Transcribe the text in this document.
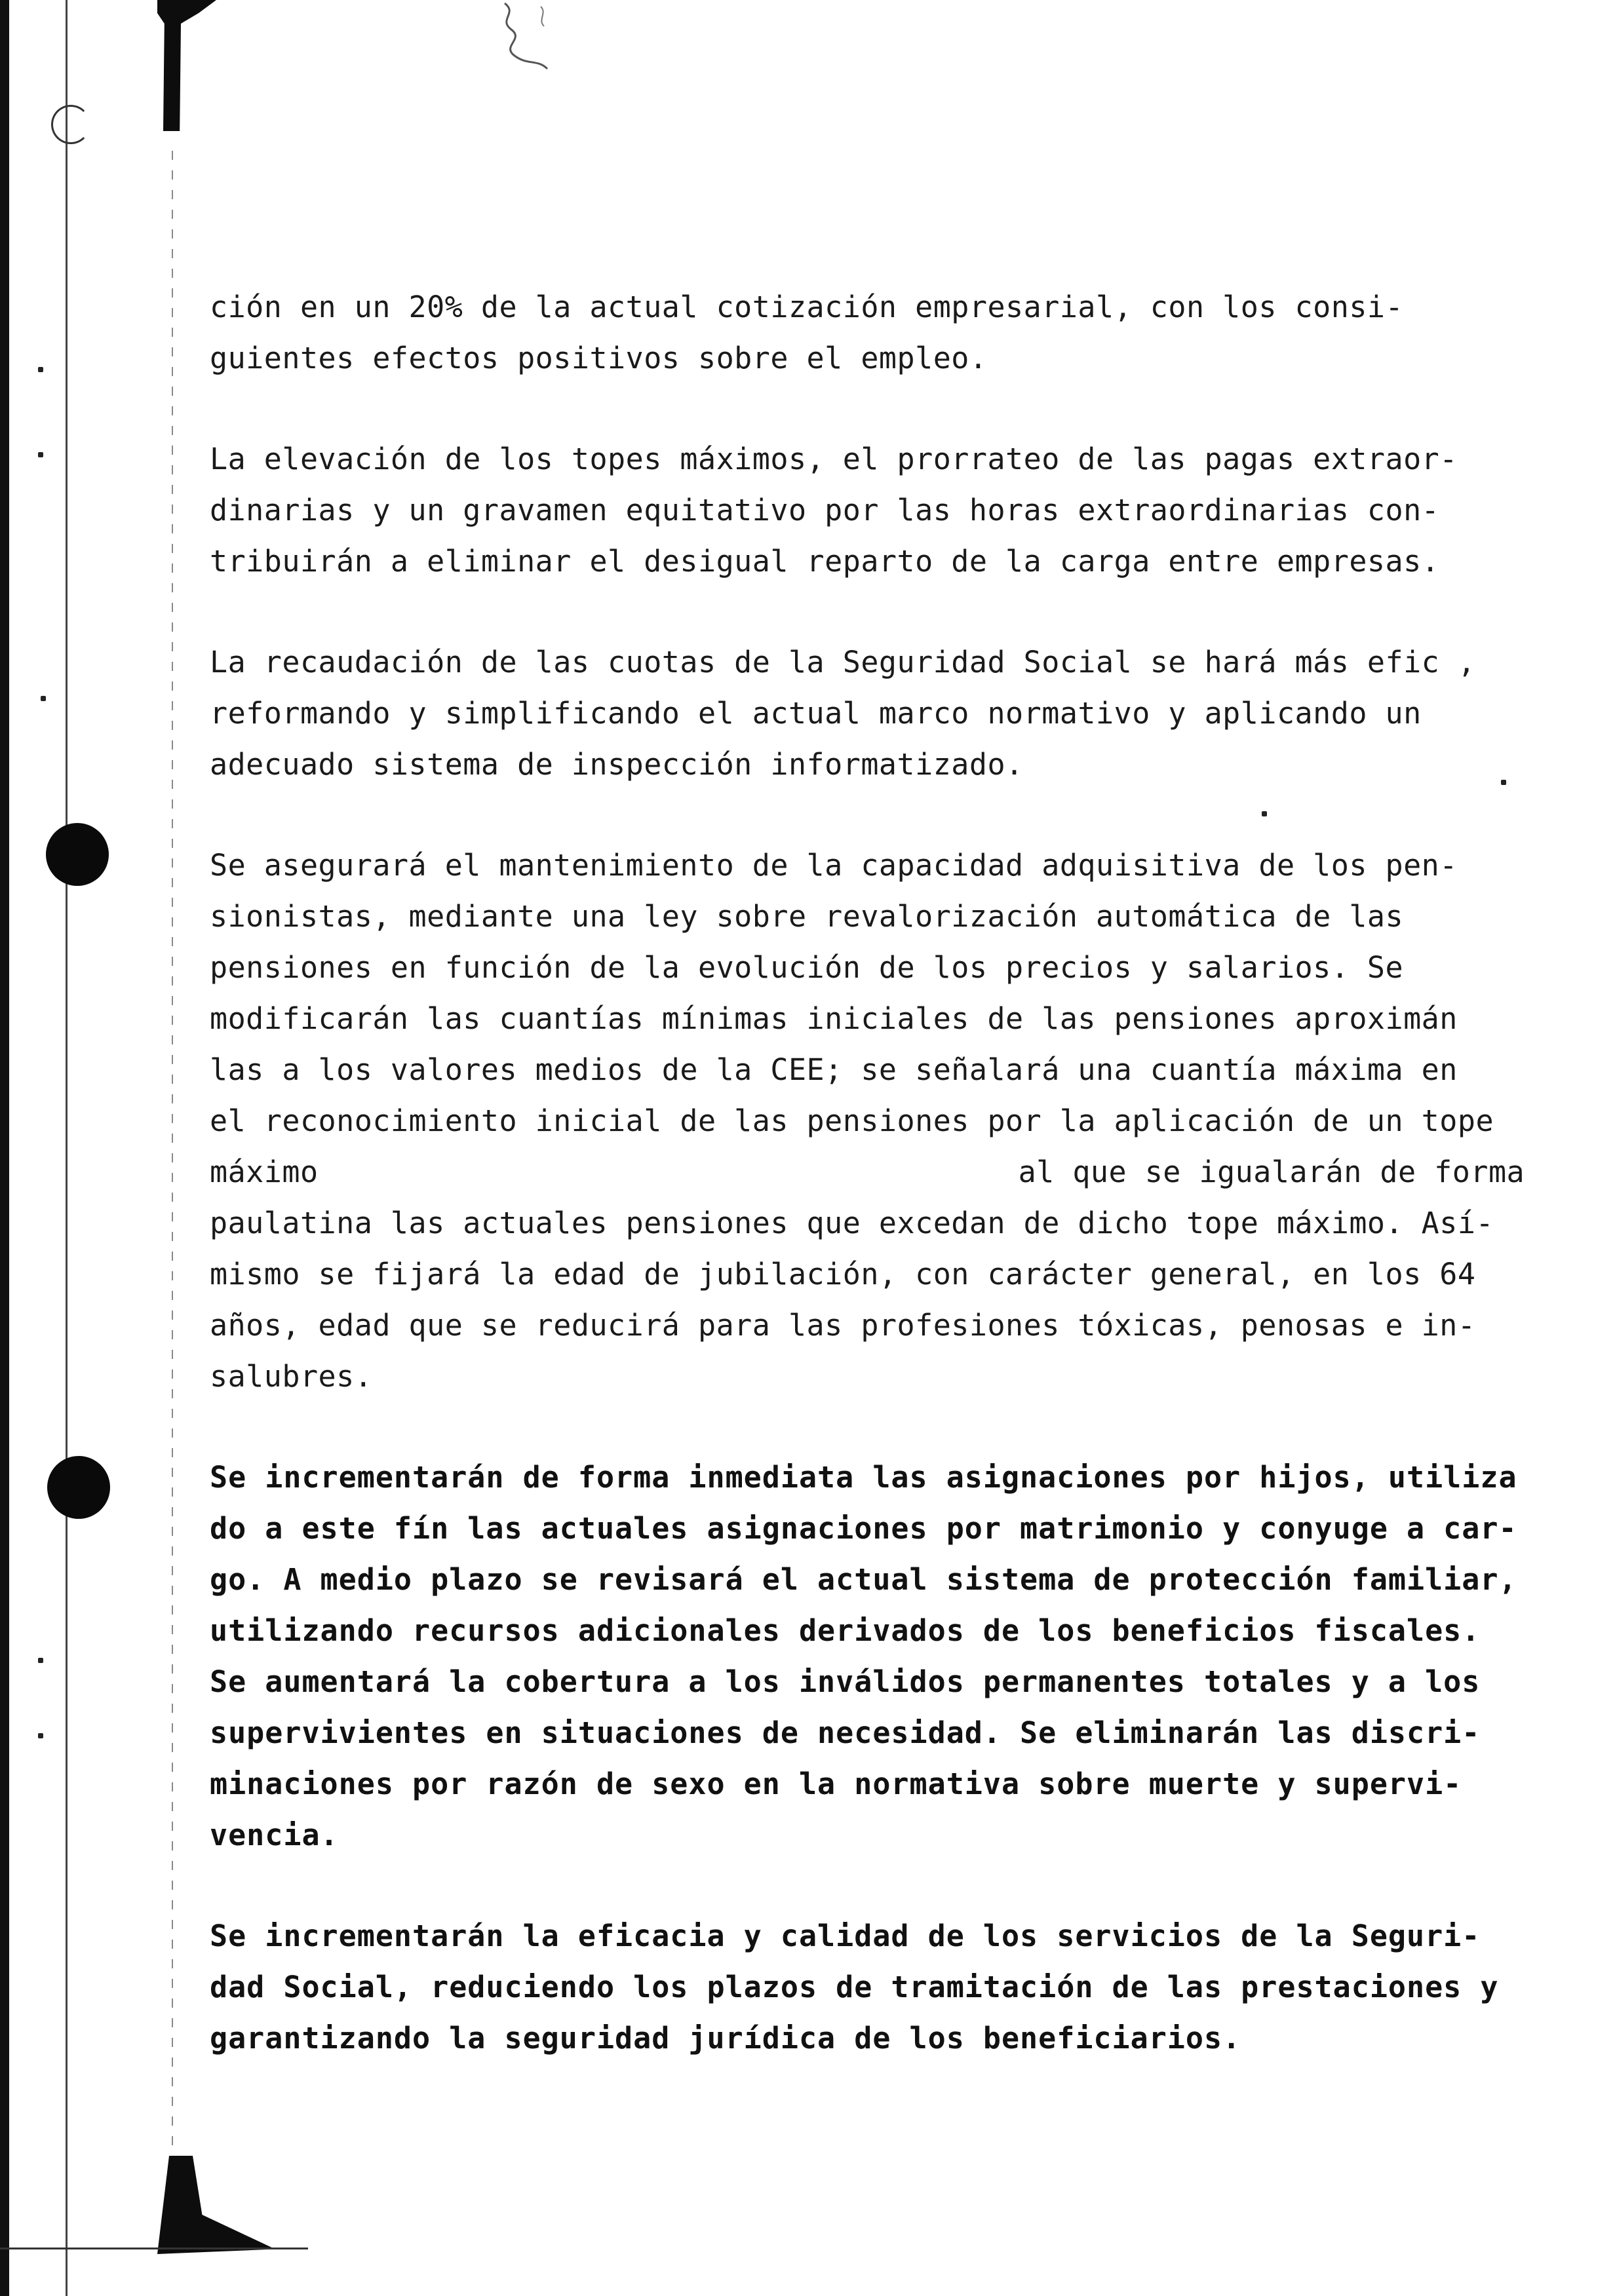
ción en un 20% de la actual cotización empresarial, con los consi-

guientes efectos positivos sobre el empleo.

La elevación de los topes máximos, el prorrateo de las pagas extraor-

dinarias y un gravamen equitativo por las horas extraordinarias con-

tribuirán a eliminar el desigual reparto de la carga entre empresas.

La recaudación de las cuotas de la Seguridad Social se hará más efic ,

reformando y simplificando el actual marco normativo y aplicando un

adecuado sistema de inspección informatizado.

Se asegurará el mantenimiento de la capacidad adquisitiva de los pen-

sionistas, mediante una ley sobre revalorización automática de las

pensiones en función de la evolución de los precios y salarios. Se

modificarán las cuantías mínimas iniciales de las pensiones aproximán

las a los valores medios de la CEE; se señalará una cuantía máxima en

el reconocimiento inicial de las pensiones por la aplicación de un tope

máximo	al que se igualarán de forma

paulatina las actuales pensiones que excedan de dicho tope máximo. Así-

mismo se fijará la edad de jubilación, con carácter general, en los 64

años, edad que se reducirá para las profesiones tóxicas, penosas e in-

salubres.

Se incrementarán de forma inmediata las asignaciones por hijos, utiliza

do a este fín las actuales asignaciones por matrimonio y conyuge a car-

go. A medio plazo se revisará el actual sistema de protección familiar,

utilizando recursos adicionales derivados de los beneficios fiscales.

Se aumentará la cobertura a los inválidos permanentes totales y a los

supervivientes en situaciones de necesidad. Se eliminarán las discri-

minaciones por razón de sexo en la normativa sobre muerte y supervi-

vencia.

Se incrementarán la eficacia y calidad de los servicios de la Seguri-

dad Social, reduciendo los plazos de tramitación de las prestaciones y

garantizando la seguridad jurídica de los beneficiarios.
